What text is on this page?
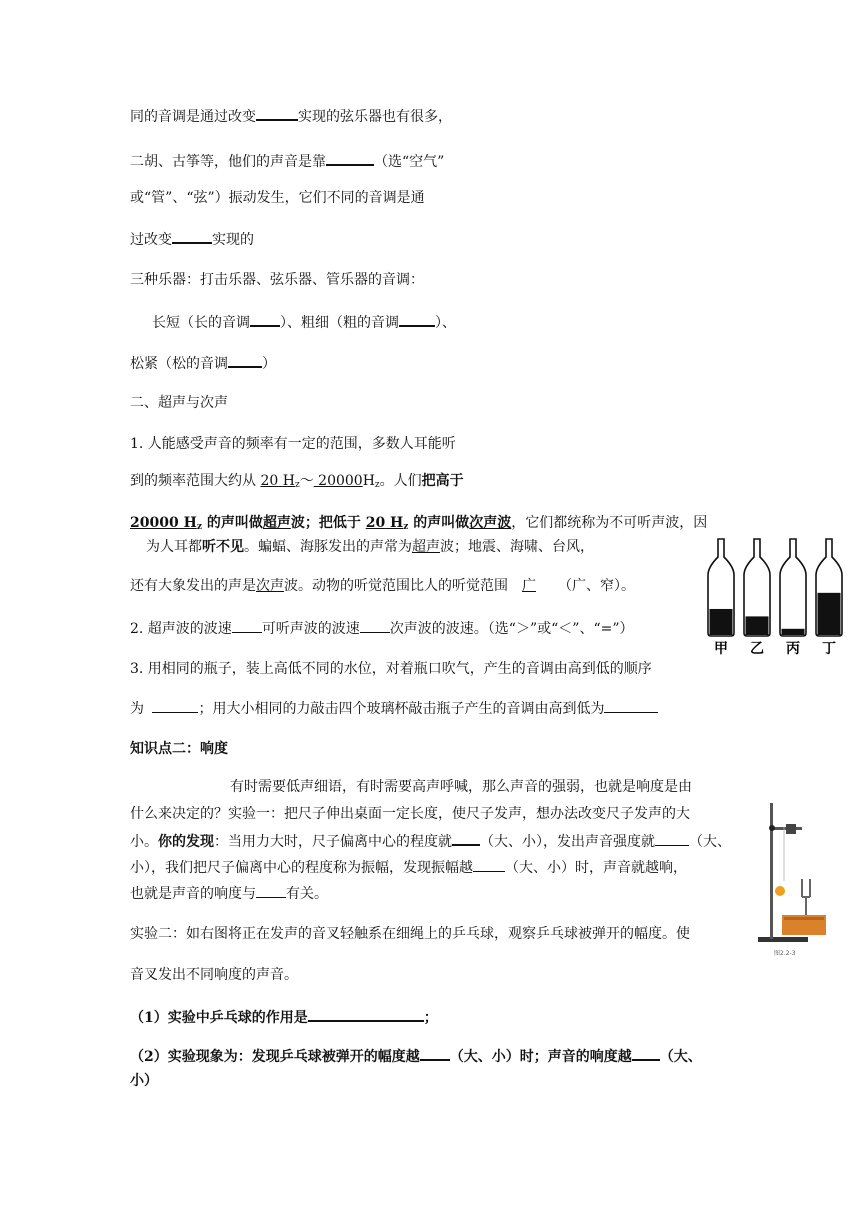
同的音调是通过改变	实现的弦乐器也有很多，
二胡、古筝等，他们的声音是靠	（选“空气”
或“管”、“弦”）振动发生，它们不同的音调是通
过改变	实现的
三种乐器：打击乐器、弦乐器、管乐器的音调：
长短（长的音调 ）、粗细（粗的音调	）、
松紧（松的音调 ）
二、超声与次声
1. 人能感受声音的频率有一定的范围，多数人耳能听
到的频率范围大约从 20 $H_z\sim$ $20000H_z$。人们把高于
20000 $H_z$ 的声叫做超声波；把低于 20 $H_z$ 的声叫做次声波，它们都统称为不可听声波，因
为人耳都听不见。蝙蝠、海豚发出的声常为超声波；地震、海啸、台风，
还有大象发出的声是次声波。动物的听觉范围比人的听觉范围 广 （广、窄）。
2. 超声波的波速 可听声波的波速 次声波的波速。（选“＞”或“＜”、“=”）
3. 用相同的瓶子，装上高低不同的水位，对着瓶口吹气，产生的音调由高到低的顺序
为	；用大小相同的力敲击四个玻璃杯敲击瓶子产生的音调由高到低为
甲 乙 丙 丁
知识点二：响度
有时需要低声细语，有时需要高声呼喊，那么声音的强弱，也就是响度是由
什么来决定的？实验一：把尺子伸出桌面一定长度，使尺子发声，想办法改变尺子发声的大
小。你的发现：当用力大时，尺子偏离中心的程度就 （大、小），发出声音强度就 （大、
小），我们把尺子偏离中心的程度称为振幅，发现振幅越 （大、小）时，声音就越响，
也就是声音的响度与 有关。
图2.2-3
实验二：如右图将正在发声的音叉轻触系在细绳上的乒乓球，观察乒乓球被弹开的幅度。使
音叉发出不同响度的声音。
（1）实验中乒乓球的作用是	；
（2）实验现象为：发现乒乓球被弹开的幅度越 （大、小）时；声音的响度越 （大、
小）
